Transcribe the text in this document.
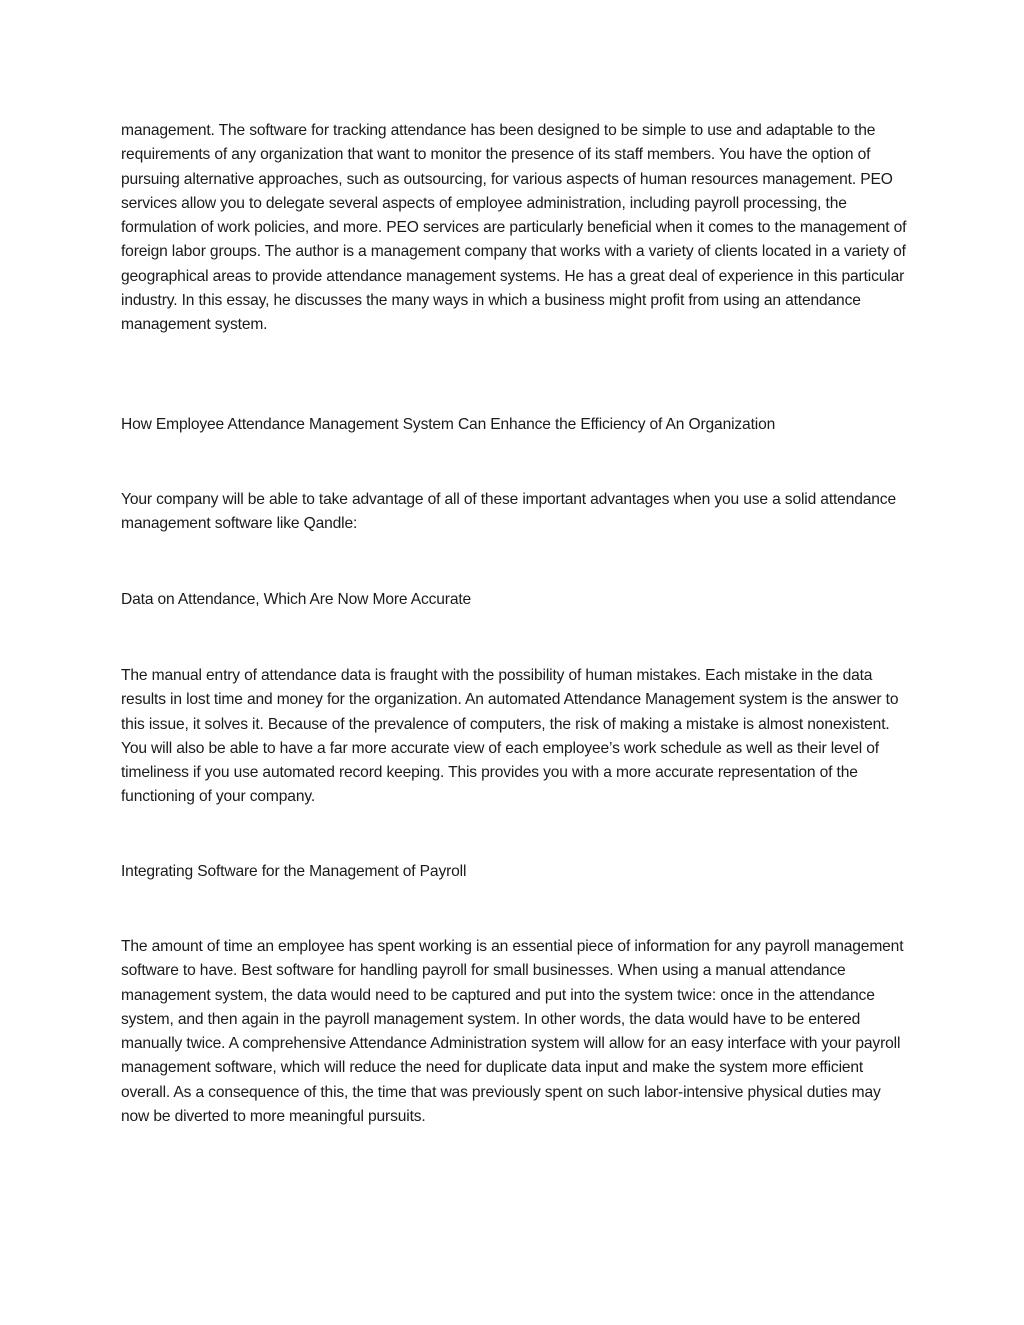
management. The software for tracking attendance has been designed to be simple to use and adaptable to the requirements of any organization that want to monitor the presence of its staff members. You have the option of pursuing alternative approaches, such as outsourcing, for various aspects of human resources management. PEO services allow you to delegate several aspects of employee administration, including payroll processing, the formulation of work policies, and more. PEO services are particularly beneficial when it comes to the management of foreign labor groups. The author is a management company that works with a variety of clients located in a variety of geographical areas to provide attendance management systems. He has a great deal of experience in this particular industry. In this essay, he discusses the many ways in which a business might profit from using an attendance management system.

How Employee Attendance Management System Can Enhance the Efficiency of An Organization

Your company will be able to take advantage of all of these important advantages when you use a solid attendance management software like Qandle:

Data on Attendance, Which Are Now More Accurate

The manual entry of attendance data is fraught with the possibility of human mistakes. Each mistake in the data results in lost time and money for the organization. An automated Attendance Management system is the answer to this issue, it solves it. Because of the prevalence of computers, the risk of making a mistake is almost nonexistent. You will also be able to have a far more accurate view of each employee’s work schedule as well as their level of timeliness if you use automated record keeping. This provides you with a more accurate representation of the functioning of your company.

Integrating Software for the Management of Payroll

The amount of time an employee has spent working is an essential piece of information for any payroll management software to have. Best software for handling payroll for small businesses. When using a manual attendance management system, the data would need to be captured and put into the system twice: once in the attendance system, and then again in the payroll management system. In other words, the data would have to be entered manually twice. A comprehensive Attendance Administration system will allow for an easy interface with your payroll management software, which will reduce the need for duplicate data input and make the system more efficient overall. As a consequence of this, the time that was previously spent on such labor-intensive physical duties may now be diverted to more meaningful pursuits.
